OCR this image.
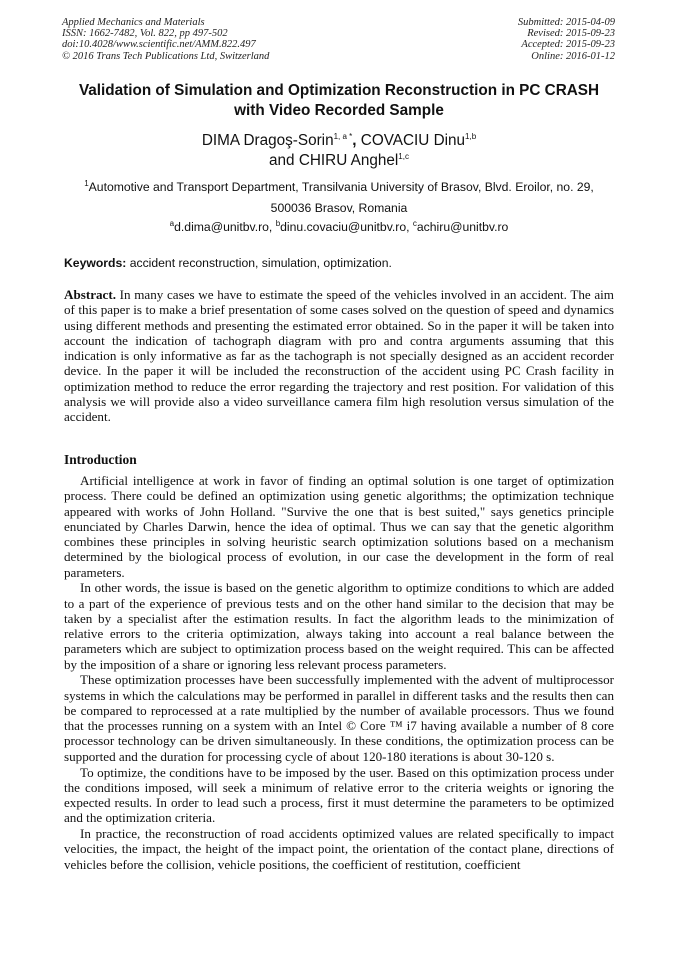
Applied Mechanics and Materials
ISSN: 1662-7482, Vol. 822, pp 497-502
doi:10.4028/www.scientific.net/AMM.822.497
© 2016 Trans Tech Publications Ltd, Switzerland
Submitted: 2015-04-09
Revised: 2015-09-23
Accepted: 2015-09-23
Online: 2016-01-12
Validation of Simulation and Optimization Reconstruction in PC CRASH
with Video Recorded Sample
DIMA Dragoş-Sorin$^{1, a *}$, COVACIU Dinu$^{1,b}$
and CHIRU Anghel$^{1,c}$
$^1$Automotive and Transport Department, Transilvania University of Brasov, Blvd. Eroilor, no. 29,
500036 Brasov, Romania
$^a$d.dima@unitbv.ro, $^b$dinu.covaciu@unitbv.ro, $^c$achiru@unitbv.ro
Keywords: accident reconstruction, simulation, optimization.
Abstract. In many cases we have to estimate the speed of the vehicles involved in an accident. The aim of this paper is to make a brief presentation of some cases solved on the question of speed and dynamics using different methods and presenting the estimated error obtained. So in the paper it will be taken into account the indication of tachograph diagram with pro and contra arguments assuming that this indication is only informative as far as the tachograph is not specially designed as an accident recorder device. In the paper it will be included the reconstruction of the accident using PC Crash facility in optimization method to reduce the error regarding the trajectory and rest position. For validation of this analysis we will provide also a video surveillance camera film high resolution versus simulation of the accident.
Introduction

Artificial intelligence at work in favor of finding an optimal solution is one target of optimization process. There could be defined an optimization using genetic algorithms; the optimization technique appeared with works of John Holland. "Survive the one that is best suited," says genetics principle enunciated by Charles Darwin, hence the idea of optimal. Thus we can say that the genetic algorithm combines these principles in solving heuristic search optimization solutions based on a mechanism determined by the biological process of evolution, in our case the development in the form of real parameters.

In other words, the issue is based on the genetic algorithm to optimize conditions to which are added to a part of the experience of previous tests and on the other hand similar to the decision that may be taken by a specialist after the estimation results. In fact the algorithm leads to the minimization of relative errors to the criteria optimization, always taking into account a real balance between the parameters which are subject to optimization process based on the weight required. This can be affected by the imposition of a share or ignoring less relevant process parameters.

These optimization processes have been successfully implemented with the advent of multiprocessor systems in which the calculations may be performed in parallel in different tasks and the results then can be compared to reprocessed at a rate multiplied by the number of available processors. Thus we found that the processes running on a system with an Intel © Core ™ i7 having available a number of 8 core processor technology can be driven simultaneously. In these conditions, the optimization process can be supported and the duration for processing cycle of about 120-180 iterations is about 30-120 s.

To optimize, the conditions have to be imposed by the user. Based on this optimization process under the conditions imposed, will seek a minimum of relative error to the criteria weights or ignoring the expected results. In order to lead such a process, first it must determine the parameters to be optimized and the optimization criteria.

In practice, the reconstruction of road accidents optimized values are related specifically to impact velocities, the impact, the height of the impact point, the orientation of the contact plane, directions of vehicles before the collision, vehicle positions, the coefficient of restitution, coefficient
